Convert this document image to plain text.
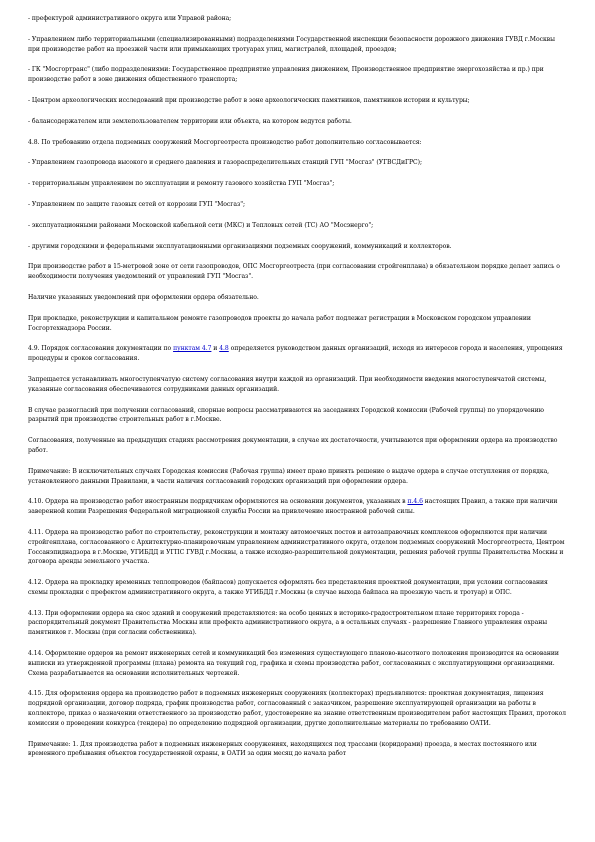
- префектурой административного округа или Управой района;

- Управлением либо территориальными (специализированными) подразделениями Государственной инспекции безопасности дорожного движения ГУВД г.Москвы при производстве работ на проезжей части или примыкающих тротуарах улиц, магистралей, площадей, проездов;

- ГК "Мосгортранс" (либо подразделениями: Государственное предприятие управления движением, Производственное предприятие энергохозяйства и пр.) при производстве работ в зоне движения общественного транспорта;

- Центром археологических исследований при производстве работ в зоне археологических памятников, памятников истории и культуры;

- балансодержателем или землепользователем территории или объекта, на котором ведутся работы.

4.8. По требованию отдела подземных сооружений Мосгоргеотреста производство работ дополнительно согласовывается:

- Управлением газопровода высокого и среднего давления и газораспределительных станций ГУП "Мосгаз" (УГВСДиГРС);

- территориальным управлением по эксплуатации и ремонту газового хозяйства ГУП "Мосгаз";

- Управлением по защите газовых сетей от коррозии ГУП "Мосгаз";

- эксплуатационными районами Московской кабельной сети (МКС) и Тепловых сетей (ТС) АО "Мосэнерго";

- другими городскими и федеральными эксплуатационными организациями подземных сооружений, коммуникаций и коллекторов.

При производстве работ в 15-метровой зоне от сети газопроводов, ОПС Мосгоргеотреста (при согласовании стройгенплана) в обязательном порядке делает запись о необходимости получения уведомлений от управлений ГУП "Мосгаз".

Наличие указанных уведомлений при оформлении ордера обязательно.

При прокладке, реконструкции и капитальном ремонте газопроводов проекты до начала работ подлежат регистрации в Московском городском управлении Госгортехнадзора России.

4.9. Порядок согласования документации по пунктам 4.7 и 4.8 определяется руководством данных организаций, исходя из интересов города и населения, упрощения процедуры и сроков согласования.

Запрещается устанавливать многоступенчатую систему согласования внутри каждой из организаций. При необходимости введения многоступенчатой системы, указанные согласования обеспечиваются сотрудниками данных организаций.

В случае разногласий при получении согласований, спорные вопросы рассматриваются на заседаниях Городской комиссии (Рабочей группы) по упорядочению разрытий при производстве строительных работ в г.Москве.

Согласования, полученные на предыдущих стадиях рассмотрения документации, в случае их достаточности, учитываются при оформлении ордера на производство работ.

Примечание: В исключительных случаях Городская комиссия (Рабочая группа) имеет право принять решение о выдаче ордера в случае отступления от порядка, установленного данными Правилами, в части наличия согласований городских организаций при оформлении ордера.

4.10. Ордера на производство работ иностранным подрядчикам оформляются на основании документов, указанных в п.4.6 настоящих Правил, а также при наличии заверенной копии Разрешения Федеральной миграционной службы России на привлечение иностранной рабочей силы.

4.11. Ордера на производство работ по строительству, реконструкции и монтажу автомоечных постов и автозаправочных комплексов оформляются при наличии стройгенплана, согласованного с Архитектурно-планировочным управлением административного округа, отделом подземных сооружений Мосгоргеотреста, Центром Госсанэпиднадзора в г.Москве, УГИБДД и УГПС ГУВД г.Москвы, а также исходно-разрешительной документации, решения рабочей группы Правительства Москвы и договора аренды земельного участка.

4.12. Ордера на прокладку временных теплопроводов (байпасов) допускается оформлять без представления проектной документации, при условии согласования схемы прокладки с префектом административного округа, а также УГИБДД г.Москвы (в случае выхода байпаса на проезжую часть и тротуар) и ОПС.

4.13. При оформлении ордера на снос зданий и сооружений представляются: на особо ценных в историко-градостроительном плане территориях города - распорядительный документ Правительства Москвы или префекта административного округа, а в остальных случаях - разрешение Главного управления охраны памятников г. Москвы (при согласии собственника).

4.14. Оформление ордеров на ремонт инженерных сетей и коммуникаций без изменения существующего планово-высотного положения производится на основании выписки из утвержденной программы (плана) ремонта на текущий год, графика и схемы производства работ, согласованных с эксплуатирующими организациями. Схема разрабатывается на основании исполнительных чертежей.

4.15. Для оформления ордера на производство работ в подземных инженерных сооружениях (коллекторах) предъявляются: проектная документация, лицензия подрядной организации, договор подряда, график производства работ, согласованный с заказчиком, разрешение эксплуатирующей организации на работы в коллекторе, приказ о назначении ответственного за производство работ, удостоверение на знание ответственным производителем работ настоящих Правил, протокол комиссии о проведении конкурса (тендера) по определению подрядной организации, другие дополнительные материалы по требованию ОАТИ.

Примечание: 1. Для производства работ в подземных инженерных сооружениях, находящихся под трассами (коридорами) проезда, в местах постоянного или временного пребывания объектов государственной охраны, в ОАТИ за один месяц до начала работ
